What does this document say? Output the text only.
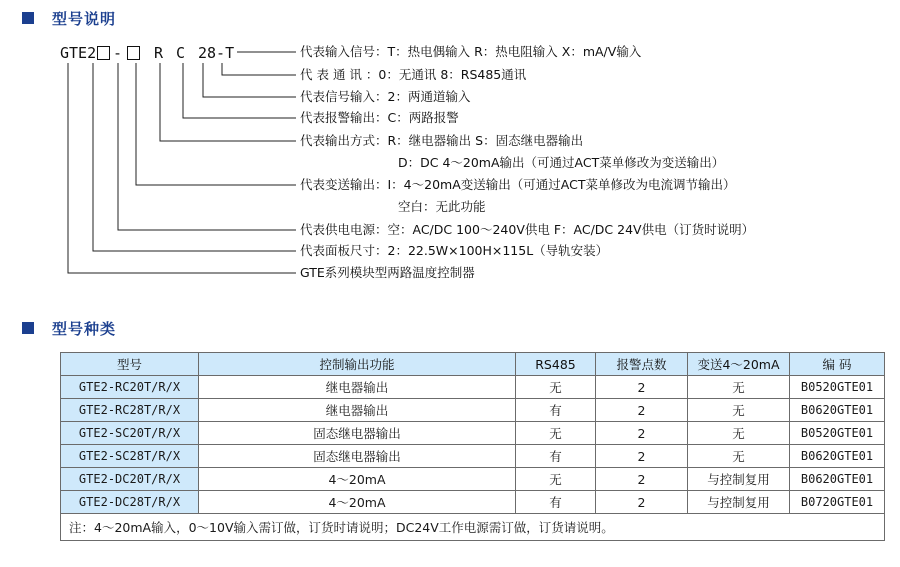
型号说明
GTE2 - R C 28-T	代表输入信号：T：热电偶输入 R：热电阻输入 X：mA/V输入
代 表 通 讯 ：0：无通讯 8：RS485通讯
代表信号输入：2：两通道输入
代表报警输出：C：两路报警
代表输出方式：R：继电器输出 S：固态继电器输出
D：DC 4～20mA输出（可通过ACT菜单修改为变送输出）
代表变送输出：I：4～20mA变送输出（可通过ACT菜单修改为电流调节输出）
空白：无此功能
代表供电电源：空：AC/DC 100～240V供电 F：AC/DC 24V供电（订货时说明）
代表面板尺寸：2：22.5W×100H×115L（导轨安装）
GTE系列模块型两路温度控制器
型号种类
型号	控制输出功能	RS485	报警点数	变送4～20mA	编 码
GTE2-RC20T/R/X	继电器输出	无	2	无	B0520GTE01
GTE2-RC28T/R/X	继电器输出	有	2	无	B0620GTE01
GTE2-SC20T/R/X	固态继电器输出	无	2	无	B0520GTE01
GTE2-SC28T/R/X	固态继电器输出	有	2	无	B0620GTE01
GTE2-DC20T/R/X	4～20mA	无	2	与控制复用	B0620GTE01
GTE2-DC28T/R/X	4～20mA	有	2	与控制复用	B0720GTE01
注：4～20mA输入，0～10V输入需订做，订货时请说明；DC24V工作电源需订做，订货请说明。					
